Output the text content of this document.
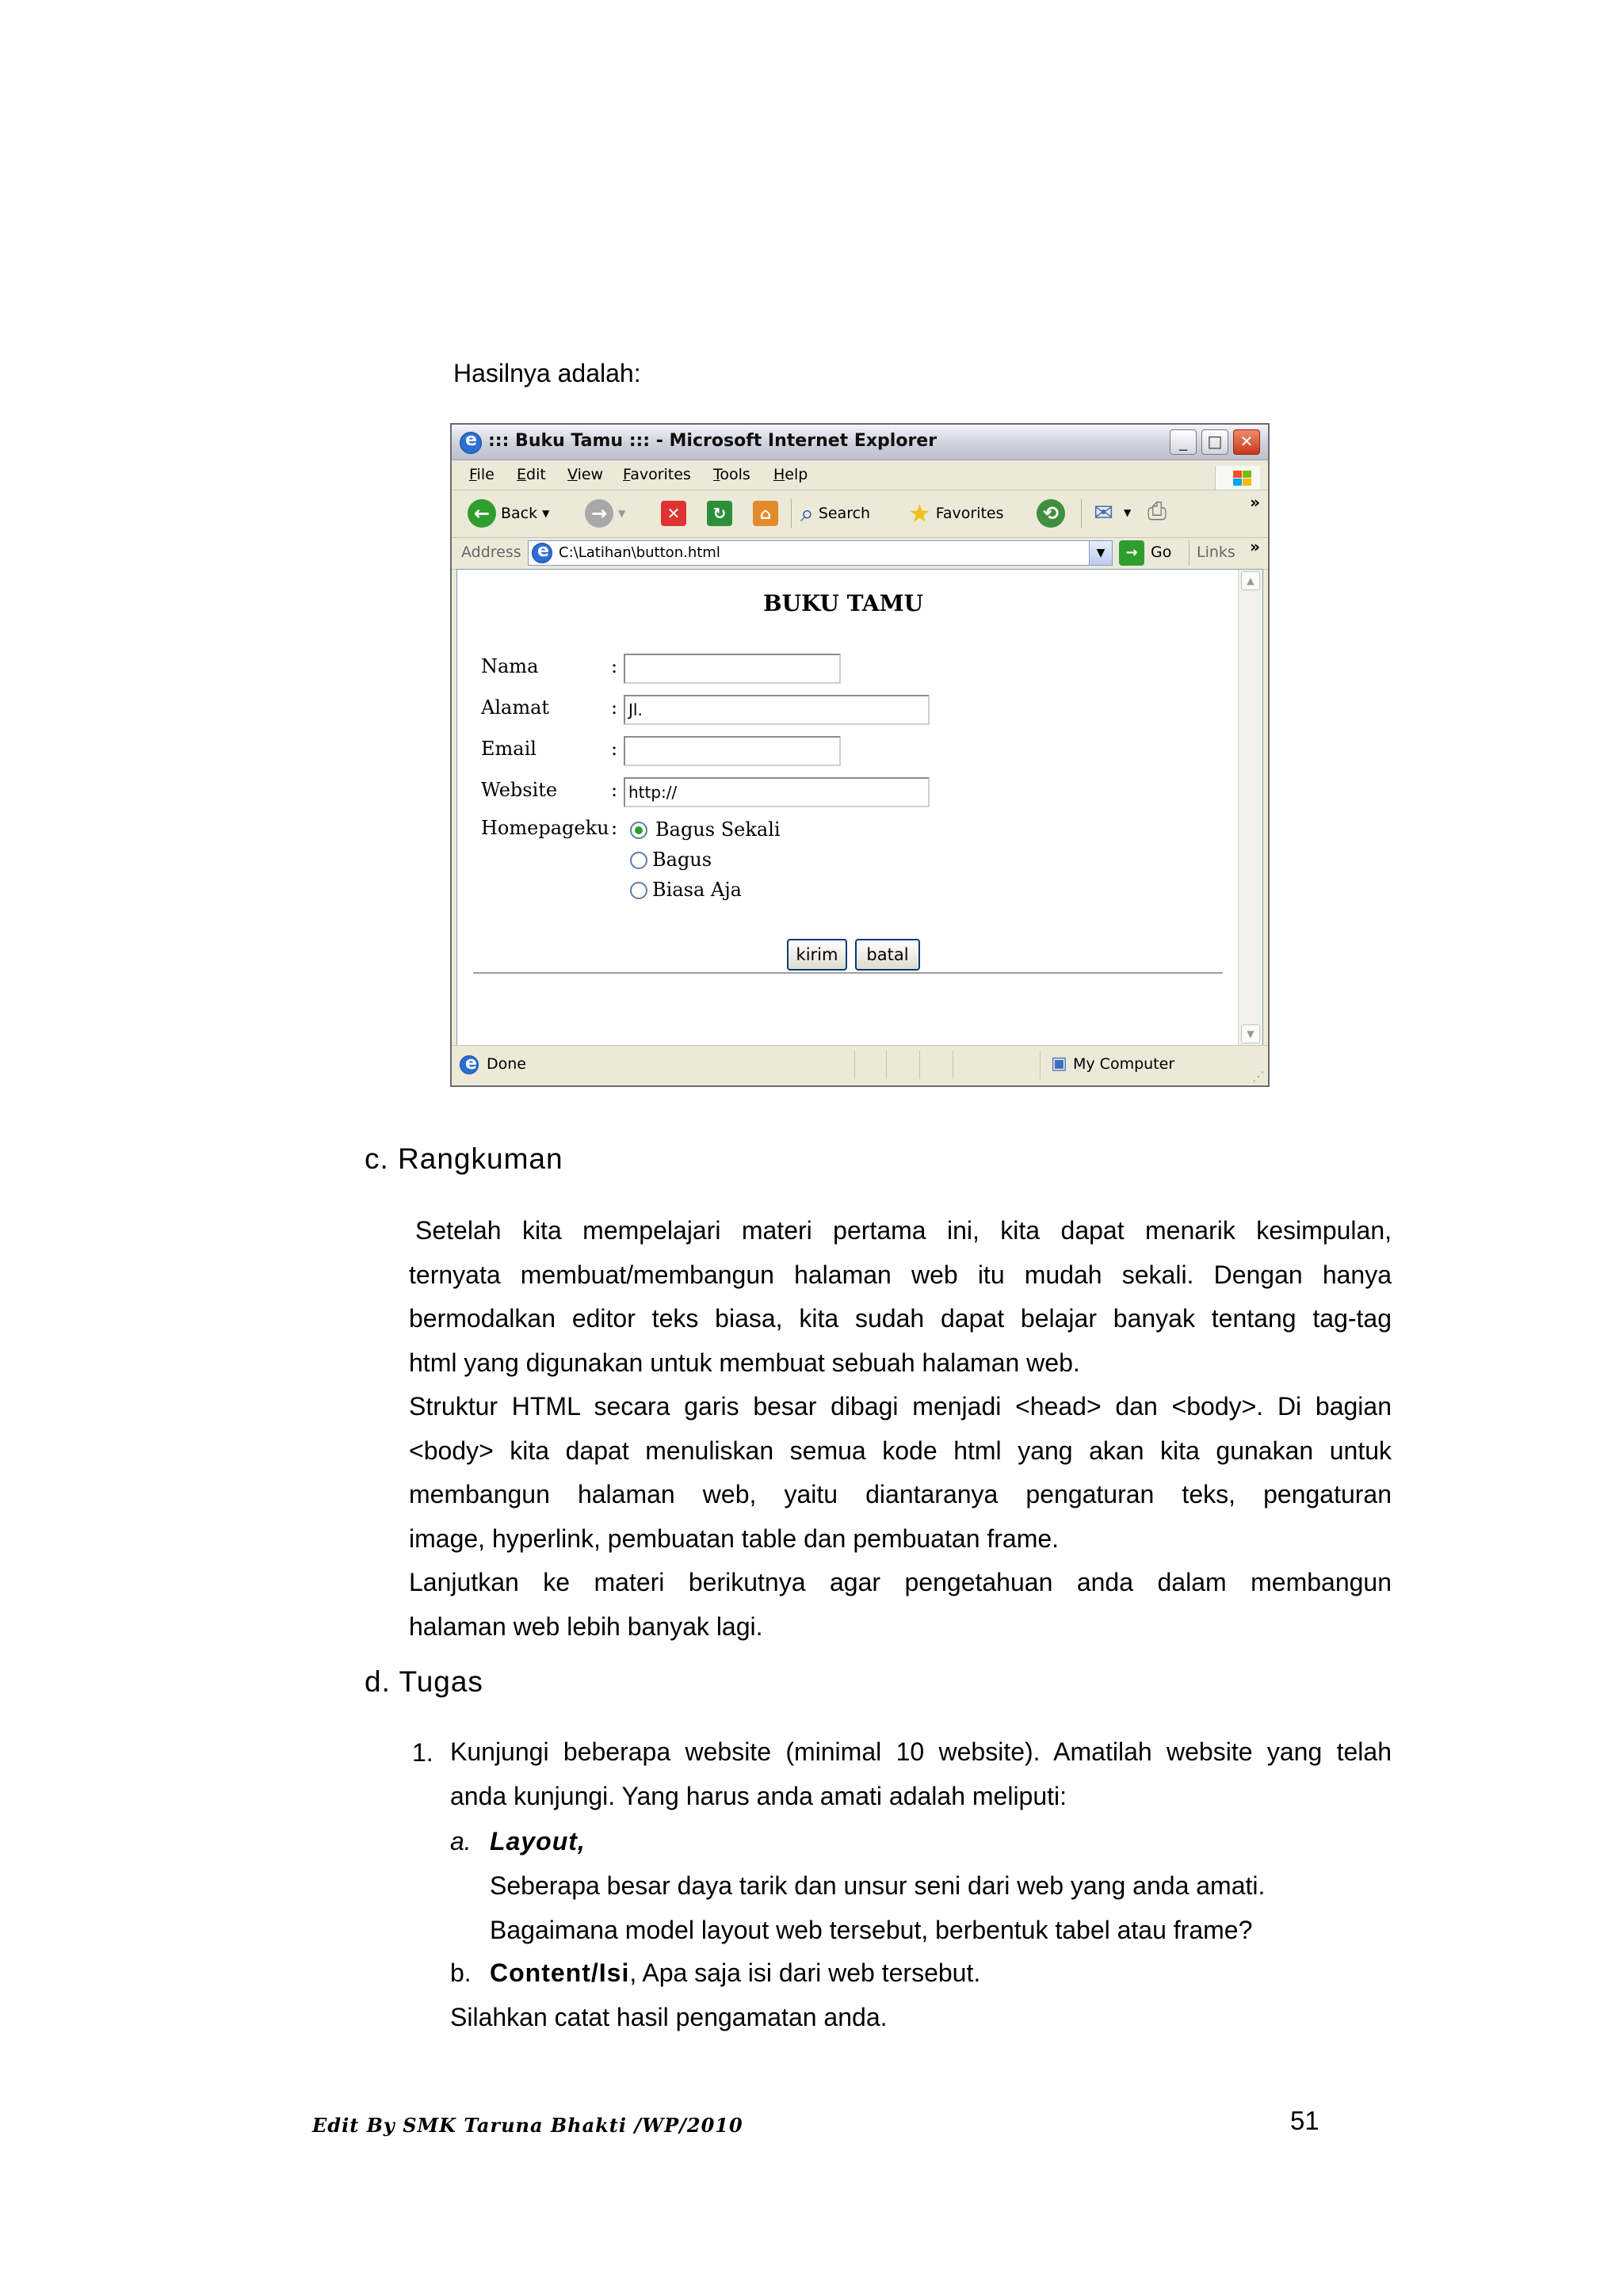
Hasilnya adalah:

e
::: Buku Tamu ::: - Microsoft Internet Explorer	_	□	✕
File Edit View Favorites Tools Help
← Back ▼	→	▼	✕	↻	⌂ ⌕ Search ★ Favorites	⟲ ✉ ▼ ⎙	»
Address
e	C:\Latihan\button.html	▼	→ Go Links »
▲
▼
BUKU TAMU
Nama	:
Alamat	: Jl.
Email	:
Website	: http://
Homepageku : Bagus Sekali
Bagus
Biasa Aja
kirim	batal
e
Done	▣ My Computer
⋰
c. Rangkuman
Setelah kita mempelajari materi pertama ini, kita dapat menarik kesimpulan,
ternyata membuat/membangun halaman web itu mudah sekali. Dengan hanya
bermodalkan editor teks biasa, kita sudah dapat belajar banyak tentang tag-tag
html yang digunakan untuk membuat sebuah halaman web.
Struktur HTML secara garis besar dibagi menjadi <head> dan <body>. Di bagian
<body> kita dapat menuliskan semua kode html yang akan kita gunakan untuk
membangun halaman web, yaitu diantaranya pengaturan teks, pengaturan
image, hyperlink, pembuatan table dan pembuatan frame.
Lanjutkan ke materi berikutnya agar pengetahuan anda dalam membangun
halaman web lebih banyak lagi.
d. Tugas

1. Kunjungi beberapa website (minimal 10 website). Amatilah website yang telah
anda kunjungi. Yang harus anda amati adalah meliputi:

a. Layout,

Seberapa besar daya tarik dan unsur seni dari web yang anda amati.

Bagaimana model layout web tersebut, berbentuk tabel atau frame?

b. Content/Isi, Apa saja isi dari web tersebut.

Silahkan catat hasil pengamatan anda.

Edit By SMK Taruna Bhakti /WP/2010	51
